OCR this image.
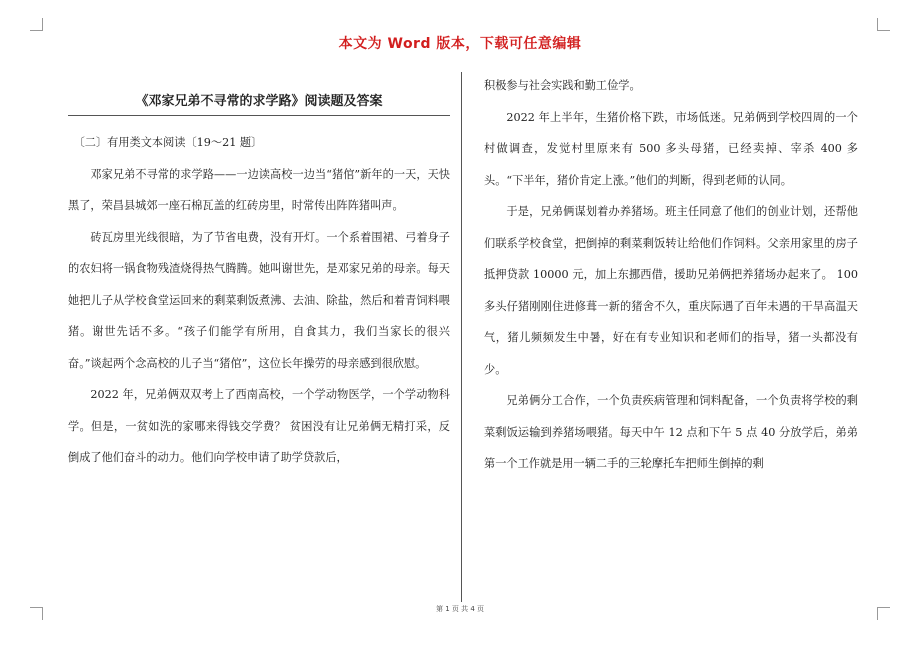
本文为 Word 版本，下载可任意编辑
《邓家兄弟不寻常的求学路》阅读题及答案

〔二〕有用类文本阅读〔19～21 题〕

邓家兄弟不寻常的求学路——一边读高校一边当“猪倌”新年的一天，天快黑了，荣昌县城郊一座石棉瓦盖的红砖房里，时常传出阵阵猪叫声。

砖瓦房里光线很暗，为了节省电费，没有开灯。一个系着围裙、弓着身子的农妇将一锅食物残渣烧得热气腾腾。她叫谢世先，是邓家兄弟的母亲。每天她把儿子从学校食堂运回来的剩菜剩饭煮沸、去油、除盐，然后和着青饲料喂猪。谢世先话不多。“孩子们能学有所用，自食其力，我们当家长的很兴奋。”谈起两个念高校的儿子当“猪倌”，这位长年操劳的母亲感到很欣慰。

2022 年，兄弟俩双双考上了西南高校，一个学动物医学，一个学动物科学。但是，一贫如洗的家哪来得钱交学费？ 贫困没有让兄弟俩无精打采，反倒成了他们奋斗的动力。他们向学校申请了助学贷款后，

积极参与社会实践和勤工俭学。

2022 年上半年，生猪价格下跌，市场低迷。兄弟俩到学校四周的一个村做调查，发觉村里原来有 500 多头母猪，已经卖掉、宰杀 400 多头。“下半年，猪价肯定上涨。”他们的判断，得到老师的认同。

于是，兄弟俩谋划着办养猪场。班主任同意了他们的创业计划，还帮他们联系学校食堂，把倒掉的剩菜剩饭转让给他们作饲料。父亲用家里的房子抵押贷款 10000 元，加上东挪西借，援助兄弟俩把养猪场办起来了。 100 多头仔猪刚刚住进修葺一新的猪舍不久，重庆际遇了百年未遇的干旱高温天气，猪儿频频发生中暑，好在有专业知识和老师们的指导，猪一头都没有少。

兄弟俩分工合作，一个负责疾病管理和饲料配备，一个负责将学校的剩菜剩饭运输到养猪场喂猪。每天中午 12 点和下午 5 点 40 分放学后，弟弟第一个工作就是用一辆二手的三轮摩托车把师生倒掉的剩

第 1 页 共 4 页
